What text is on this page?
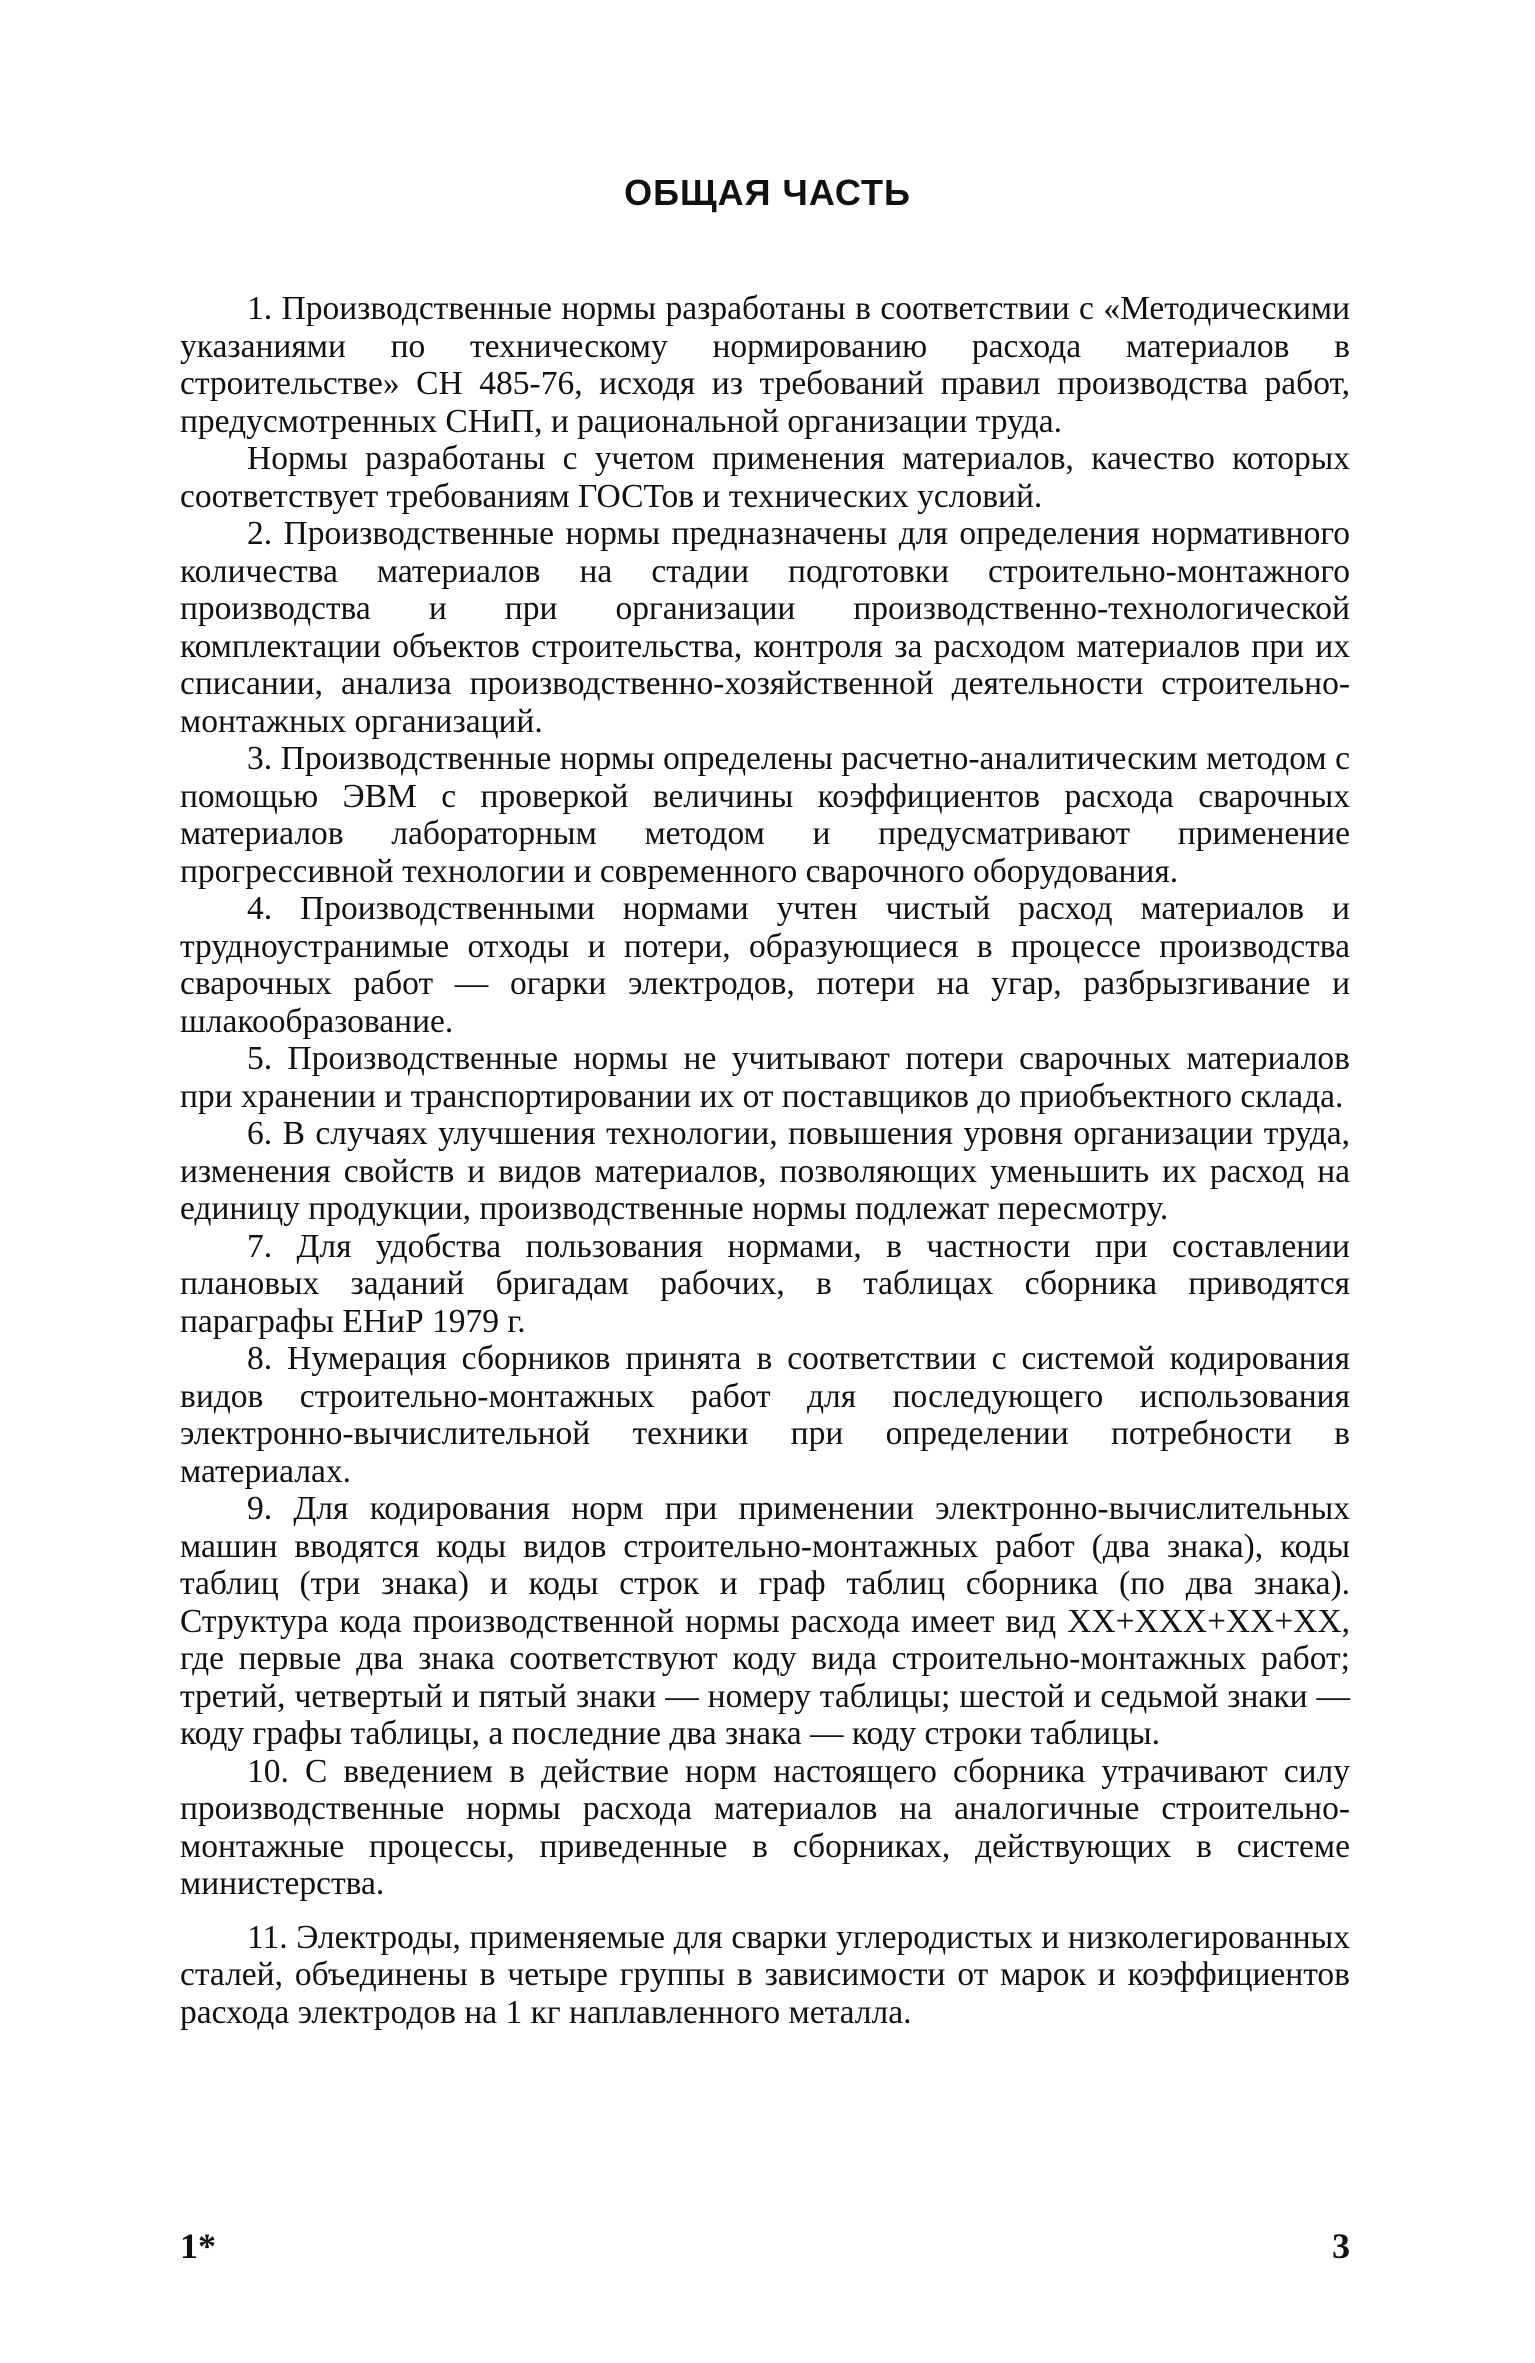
ОБЩАЯ ЧАСТЬ

1. Производственные нормы разработаны в соответствии с «Методическими указаниями по техническому нормированию расхода материалов в строительстве» СН 485-76, исходя из требований правил производства работ, предусмотренных СНиП, и рациональной организации труда.

Нормы разработаны с учетом применения материалов, качество которых соответствует требованиям ГОСТов и технических условий.

2. Производственные нормы предназначены для определения нормативного количества материалов на стадии подготовки строительно-монтажного производства и при организации производственно-технологической комплектации объектов строительства, контроля за расходом материалов при их списании, анализа производственно-хозяйственной деятельности строительно-монтажных организаций.

3. Производственные нормы определены расчетно-аналитическим методом с помощью ЭВМ с проверкой величины коэффициентов расхода сварочных материалов лабораторным методом и предусматривают применение прогрессивной технологии и современного сварочного оборудования.

4. Производственными нормами учтен чистый расход материалов и трудноустранимые отходы и потери, образующиеся в процессе производства сварочных работ — огарки электродов, потери на угар, разбрызгивание и шлакообразование.

5. Производственные нормы не учитывают потери сварочных материалов при хранении и транспортировании их от поставщиков до приобъектного склада.

6. В случаях улучшения технологии, повышения уровня организации труда, изменения свойств и видов материалов, позволяющих уменьшить их расход на единицу продукции, производственные нормы подлежат пересмотру.

7. Для удобства пользования нормами, в частности при составлении плановых заданий бригадам рабочих, в таблицах сборника приводятся параграфы ЕНиР 1979 г.

8. Нумерация сборников принята в соответствии с системой кодирования видов строительно-монтажных работ для последующего использования электронно-вычислительной техники при определении потребности в материалах.

9. Для кодирования норм при применении электронно-вычислительных машин вводятся коды видов строительно-монтажных работ (два знака), коды таблиц (три знака) и коды строк и граф таблиц сборника (по два знака). Структура кода производственной нормы расхода имеет вид XX+XXX+XX+XX, где первые два знака соответствуют коду вида строительно-монтажных работ; третий, четвертый и пятый знаки — номеру таблицы; шестой и седьмой знаки — коду графы таблицы, а последние два знака — коду строки таблицы.

10. С введением в действие норм настоящего сборника утрачивают силу производственные нормы расхода материалов на аналогичные строительно-монтажные процессы, приведенные в сборниках, действующих в системе министерства.

11. Электроды, применяемые для сварки углеродистых и низколегированных сталей, объединены в четыре группы в зависимости от марок и коэффициентов расхода электродов на 1 кг наплавленного металла.

1*	3
